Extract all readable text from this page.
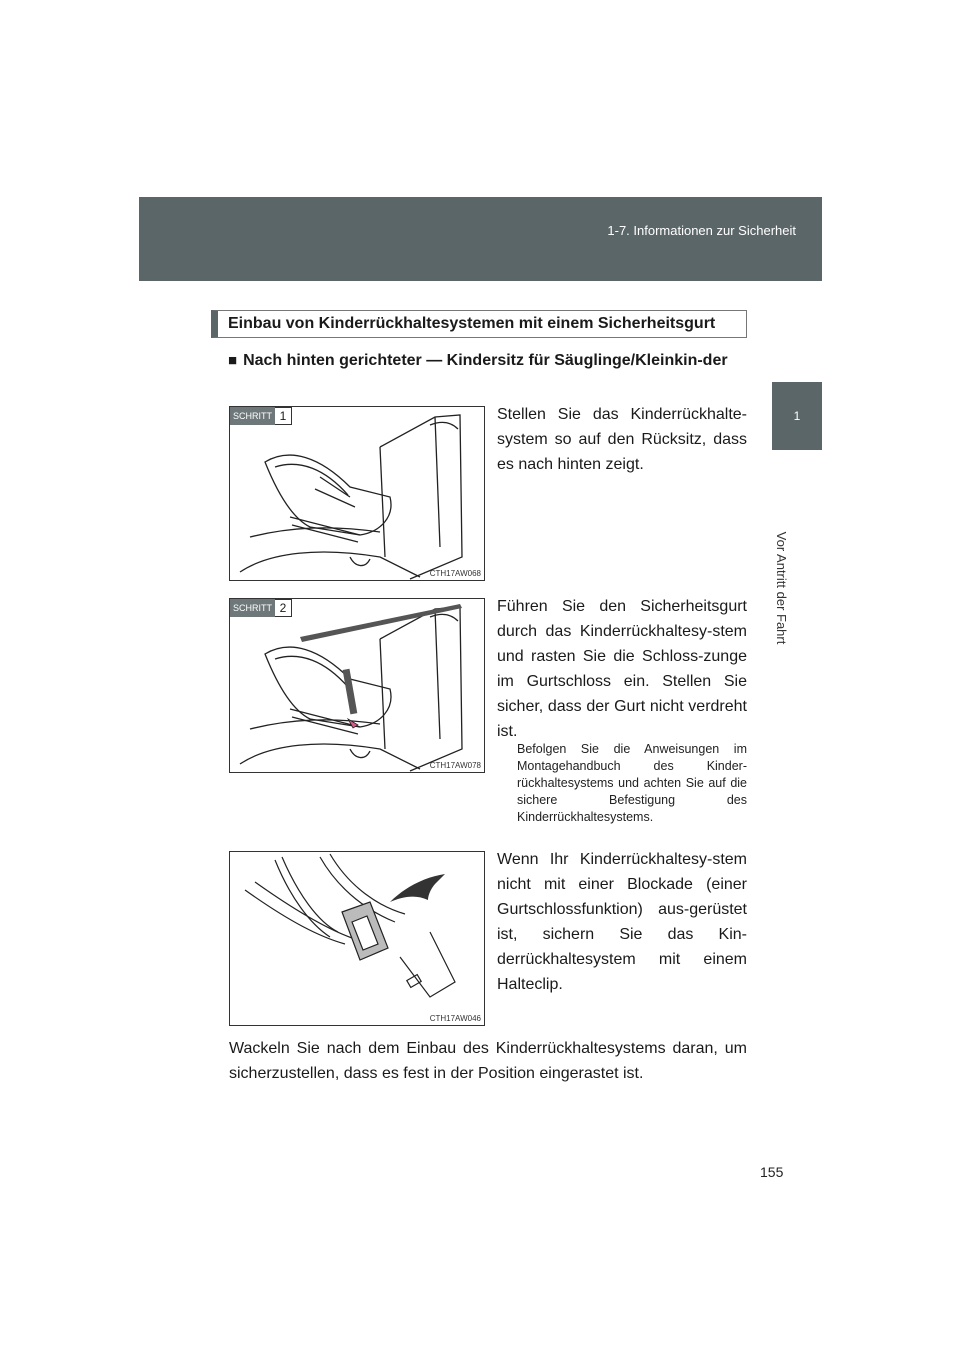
1-7. Informationen zur Sicherheit
1
Vor Antritt der Fahrt
Einbau von Kinderrückhaltesystemen mit einem Sicherheitsgurt
■ Nach hinten gerichteter — Kindersitz für Säuglinge/Kleinkin-der
SCHRITT 1
CTH17AW068
Stellen Sie das Kinderrückhalte-system so auf den Rücksitz, dass es nach hinten zeigt.
SCHRITT 2
CTH17AW078
Führen Sie den Sicherheitsgurt durch das Kinderrückhaltesy-stem und rasten Sie die Schloss-zunge im Gurtschloss ein. Stellen Sie sicher, dass der Gurt nicht verdreht ist.
Befolgen Sie die Anweisungen im Montagehandbuch des Kinder-rückhaltesystems und achten Sie auf die sichere Befestigung des Kinderrückhaltesystems.
CTH17AW046
Wenn Ihr Kinderrückhaltesy-stem nicht mit einer Blockade (einer Gurtschlossfunktion) aus-gerüstet ist, sichern Sie das Kin-derrückhaltesystem mit einem Halteclip.
Wackeln Sie nach dem Einbau des Kinderrückhaltesystems daran, um sicherzustellen, dass es fest in der Position eingerastet ist.
155
